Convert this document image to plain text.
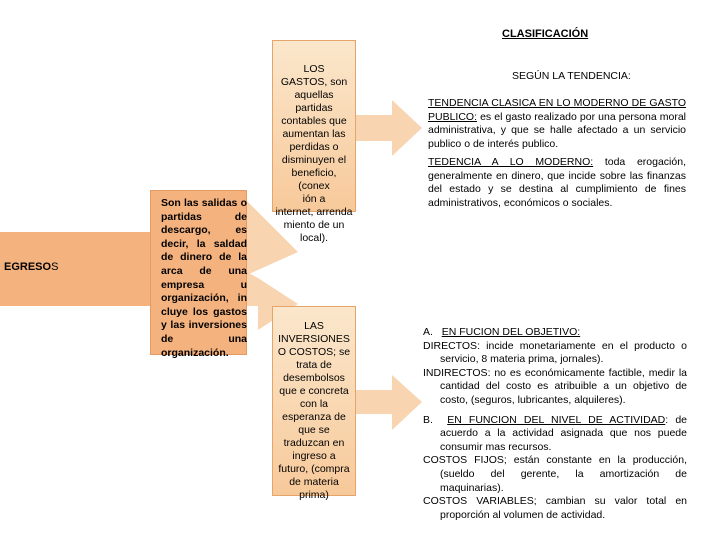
EGRESOS
Son las salidas o partidas de descargo, es decir, la saldad de dinero de la arca de una empresa u organización, in cluye los gastos y las inversiones de una organización.
LOS
GASTOS, son
aquellas partidas
contables que
aumentan las
perdidas o
disminuyen el
beneficio, (conex
ión a
internet, arrenda
miento de un
local).
LAS
INVERSIONES
O COSTOS; se
trata de
desembolsos
que e concreta
con la
esperanza de
que se
traduzcan en
ingreso a
futuro, (compra
de materia
prima)
CLASIFICACIÓN
SEGÚN LA TENDENCIA:

TENDENCIA CLASICA EN LO MODERNO DE GASTO PUBLICO: es el gasto realizado por una persona moral administrativa, y que se halle afectado a un servicio publico o de interés publico.

TEDENCIA A LO MODERNO: toda erogación, generalmente en dinero, que incide sobre las finanzas del estado y se destina al cumplimiento de fines administrativos, económicos o sociales.

A.   EN FUCION DEL OBJETIVO:

DIRECTOS: incide monetariamente en el producto o servicio, 8 materia prima, jornales).

INDIRECTOS: no es económicamente factible, medir la cantidad del costo es atribuible a un objetivo de costo, (seguros, lubricantes, alquileres).

B.  EN FUNCION DEL NIVEL DE ACTIVIDAD: de acuerdo a la actividad asignada que nos puede consumir mas recursos.

COSTOS FIJOS; están constante en la producción, (sueldo del gerente, la amortización de maquinarias).

COSTOS VARIABLES; cambian su valor total en proporción al volumen de actividad.
